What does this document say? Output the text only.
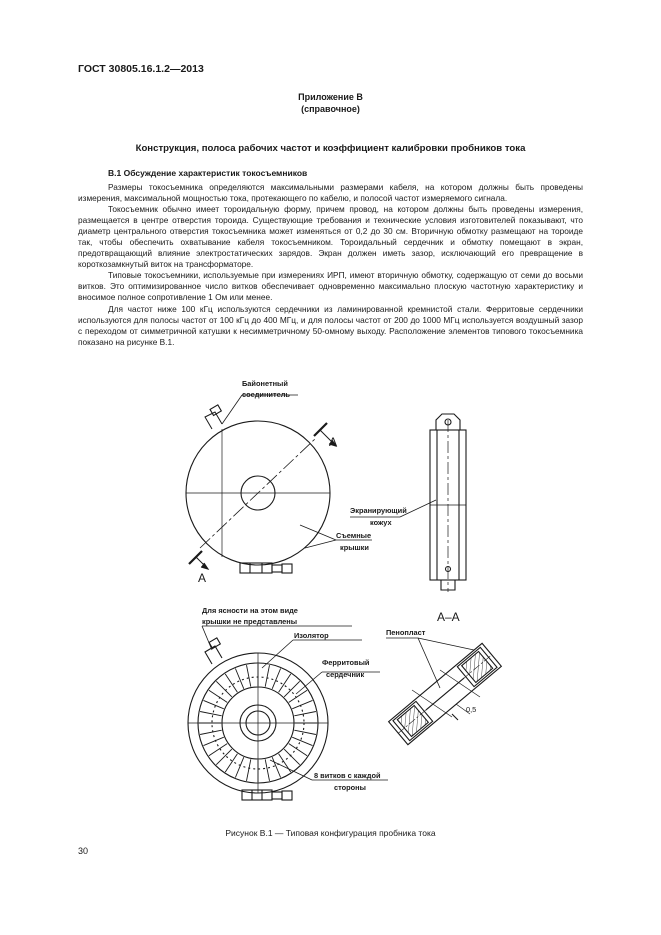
ГОСТ 30805.16.1.2—2013
Приложение В
(справочное)
Конструкция, полоса рабочих частот и коэффициент калибровки пробников тока
В.1 Обсуждение характеристик токосъемников

Размеры токосъемника определяются максимальными размерами кабеля, на котором должны быть проведены измерения, максимальной мощностью тока, протекающего по кабелю, и полосой частот измеряемого сигнала.

Токосъемник обычно имеет тороидальную форму, причем провод, на котором должны быть проведены измерения, размещается в центре отверстия тороида. Существующие требования и технические условия изготовителей показывают, что диаметр центрального отверстия токосъемника может изменяться от 0,2 до 30 см. Вторичную обмотку размещают на тороиде так, чтобы обеспечить охватывание кабеля токосъемником. Тороидальный сердечник и обмотку помещают в экран, предотвращающий влияние электростатических зарядов. Экран должен иметь зазор, исключающий его превращение в короткозамкнутый виток на трансформаторе.

Типовые токосъемники, используемые при измерениях ИРП, имеют вторичную обмотку, содержащую от семи до восьми витков. Это оптимизированное число витков обеспечивает одновременно максимально плоскую частотную характеристику и вносимое полное сопротивление 1 Ом или менее.

Для частот ниже 100 кГц используются сердечники из ламинированной кремнистой стали. Ферритовые сердечники используются для полосы частот от 100 кГц до 400 МГц, и для полосы частот от 200 до 1000 МГц используется воздушный зазор с переходом от симметричной катушки к несимметричному 50-омному выходу. Расположение элементов типового токосъемника показано на рисунке В.1.

Байонетный
соединитель
А
А
Съемные
крышки
Экранирующий
кожух
Для ясности на этом виде
крышки не представлены
Изолятор
Ферритовый
сердечник
8 витков с каждой
стороны
А–А
Пенопласт
0,5
Рисунок В.1 — Типовая конфигурация пробника тока
30
